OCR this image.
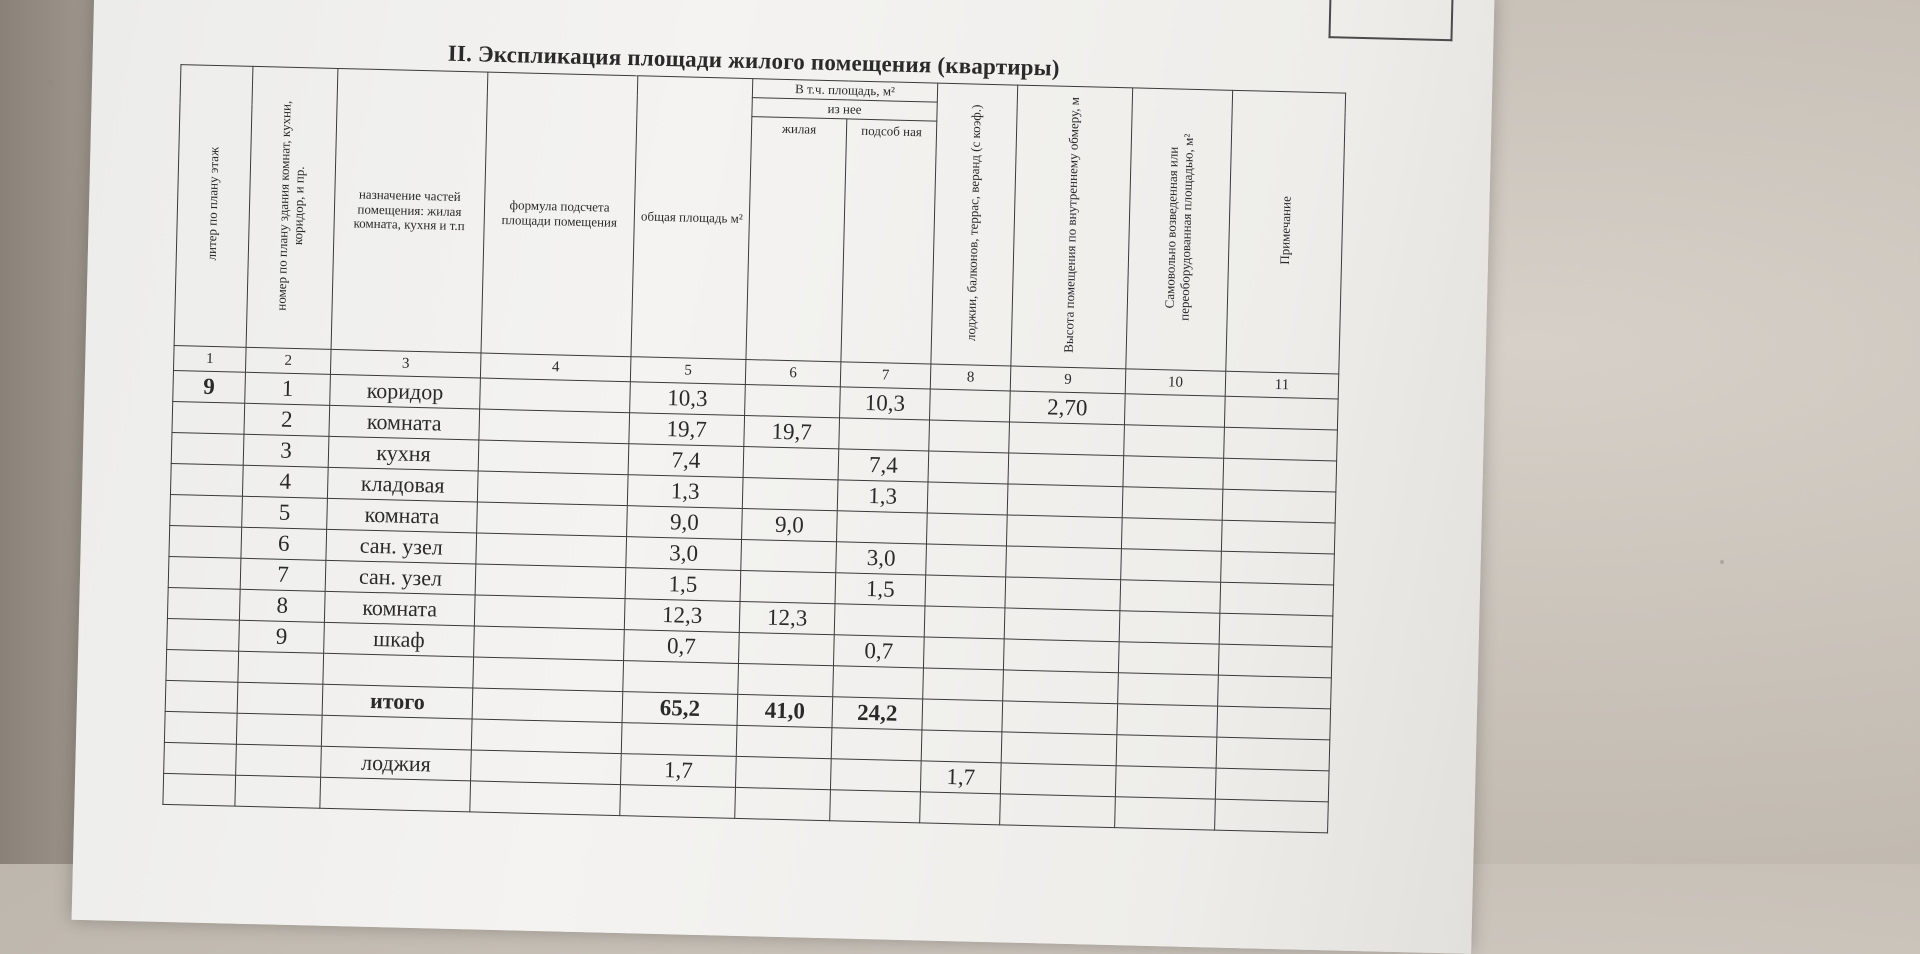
II. Экспликация площади жилого помещения (квартиры)
литер по плану этаж	номер по плану здания комнат, кухни, коридор, и пр.	назначение частей помещения: жилая комната, кухня и т.п	формула подсчета площади помещения	общая площадь м²	В т.ч. площадь, м²		лоджии, балконов, террас, веранд (с коэф.)	Высота помещения по внутреннему обмеру, м	Самовольно возведенная или переоборудованная площадью, м²	Примечание
					из нее					
					жилая	подсоб ная				
1	2	3	4	5	6	7	8	9	10	11
9	1	коридор		10,3		10,3		2,70		
	2	комната		19,7	19,7					
	3	кухня		7,4		7,4				
	4	кладовая		1,3		1,3				
	5	комната		9,0	9,0					
	6	сан. узел		3,0		3,0				
	7	сан. узел		1,5		1,5				
	8	комната		12,3	12,3					
	9	шкаф		0,7		0,7				

		итого		65,2	41,0	24,2				

		лоджия		1,7			1,7			
